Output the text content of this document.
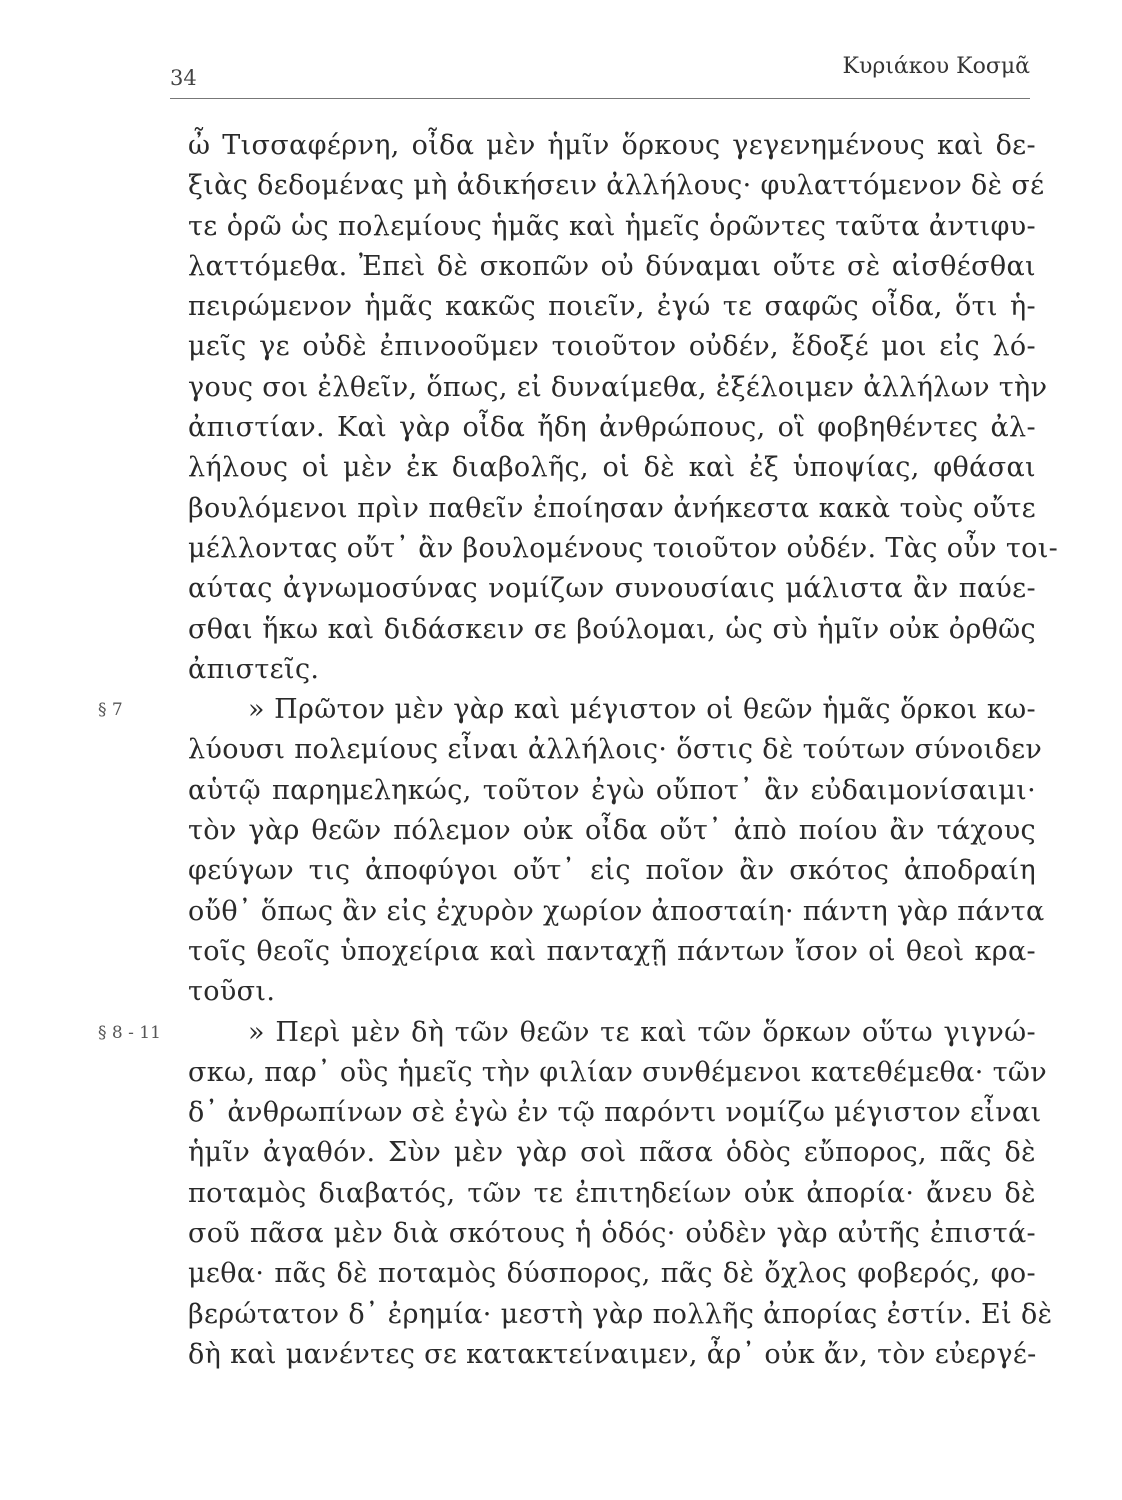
34	Κυριάκου Κοσμᾶ
ὦ Τισσαφέρνη, οἶδα μὲν ἡμῖν ὅρκους γεγενημένους καὶ δε-
ξιὰς δεδομένας μὴ ἀδικήσειν ἀλλήλους· φυλαττόμενον δὲ σέ
τε ὁρῶ ὡς πολεμίους ἡμᾶς καὶ ἡμεῖς ὁρῶντες ταῦτα ἀντιφυ-
λαττόμεθα. Ἐπεὶ δὲ σκοπῶν οὐ δύναμαι οὔτε σὲ αἰσθέσθαι
πειρώμενον ἡμᾶς κακῶς ποιεῖν, ἐγώ τε σαφῶς οἶδα, ὅτι ἡ-
μεῖς γε οὐδὲ ἐπινοοῦμεν τοιοῦτον οὐδέν, ἔδοξέ μοι εἰς λό-
γους σοι ἐλθεῖν, ὅπως, εἰ δυναίμεθα, ἐξέλοιμεν ἀλλήλων τὴν
ἀπιστίαν. Καὶ γὰρ οἶδα ἤδη ἀνθρώπους, οἳ φοβηθέντες ἀλ-
λήλους οἱ μὲν ἐκ διαβολῆς, οἱ δὲ καὶ ἐξ ὑποψίας, φθάσαι
βουλόμενοι πρὶν παθεῖν ἐποίησαν ἀνήκεστα κακὰ τοὺς οὔτε
μέλλοντας οὔτ᾽ ἂν βουλομένους τοιοῦτον οὐδέν. Τὰς οὖν τοι-
αύτας ἀγνωμοσύνας νομίζων συνουσίαις μάλιστα ἂν παύε-
σθαι ἥκω καὶ διδάσκειν σε βούλομαι, ὡς σὺ ἡμῖν οὐκ ὀρθῶς
ἀπιστεῖς.
§ 7	» Πρῶτον μὲν γὰρ καὶ μέγιστον οἱ θεῶν ἡμᾶς ὅρκοι κω-
λύουσι πολεμίους εἶναι ἀλλήλοις· ὅστις δὲ τούτων σύνοιδεν
αὑτῷ παρημεληκώς, τοῦτον ἐγὼ οὔποτ᾽ ἂν εὐδαιμονίσαιμι·
τὸν γὰρ θεῶν πόλεμον οὐκ οἶδα οὔτ᾽ ἀπὸ ποίου ἂν τάχους
φεύγων τις ἀποφύγοι οὔτ᾽ εἰς ποῖον ἂν σκότος ἀποδραίη
οὔθ᾽ ὅπως ἂν εἰς ἐχυρὸν χωρίον ἀποσταίη· πάντη γὰρ πάντα
τοῖς θεοῖς ὑποχείρια καὶ πανταχῇ πάντων ἴσον οἱ θεοὶ κρα-
τοῦσι.
§ 8 - 11	» Περὶ μὲν δὴ τῶν θεῶν τε καὶ τῶν ὅρκων οὕτω γιγνώ-
σκω, παρ᾽ οὓς ἡμεῖς τὴν φιλίαν συνθέμενοι κατεθέμεθα· τῶν
δ᾽ ἀνθρωπίνων σὲ ἐγὼ ἐν τῷ παρόντι νομίζω μέγιστον εἶναι
ἡμῖν ἀγαθόν. Σὺν μὲν γὰρ σοὶ πᾶσα ὁδὸς εὔπορος, πᾶς δὲ
ποταμὸς διαβατός, τῶν τε ἐπιτηδείων οὐκ ἀπορία· ἄνευ δὲ
σοῦ πᾶσα μὲν διὰ σκότους ἡ ὁδός· οὐδὲν γὰρ αὐτῆς ἐπιστά-
μεθα· πᾶς δὲ ποταμὸς δύσπορος, πᾶς δὲ ὄχλος φοβερός, φο-
βερώτατον δ᾽ ἐρημία· μεστὴ γὰρ πολλῆς ἀπορίας ἐστίν. Εἰ δὲ
δὴ καὶ μανέντες σε κατακτείναιμεν, ἆρ᾽ οὐκ ἄν, τὸν εὐεργέ-
